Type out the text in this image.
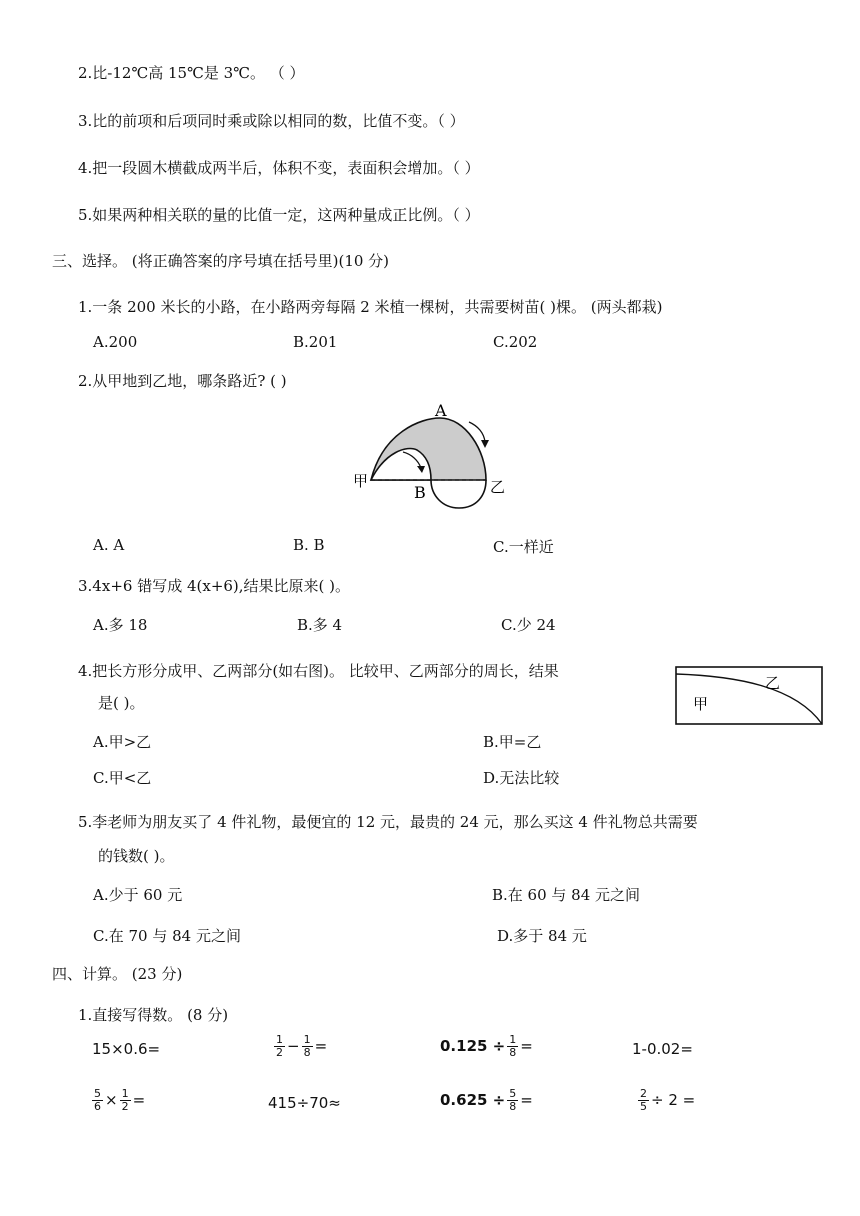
2.比-12℃高 15℃是 3℃。 （ ）
3.比的前项和后项同时乘或除以相同的数，比值不变。（ ）
4.把一段圆木横截成两半后，体积不变，表面积会增加。（ ）
5.如果两种相关联的量的比值一定，这两种量成正比例。（ ）
三、选择。 (将正确答案的序号填在括号里)(10 分)
1.一条 200 米长的小路，在小路两旁每隔 2 米植一棵树，共需要树苗( )棵。 (两头都栽)
A.200	B.201	C.202
2.从甲地到乙地，哪条路近? ( )
A
B
甲	乙
A. A	B. B	C.一样近
3.4x+6 错写成 4(x+6),结果比原来( )。
A.多 18	B.多 4	C.少 24
4.把长方形分成甲、乙两部分(如右图)。 比较甲、乙两部分的周长，结果
是( )。	甲
乙
A.甲>乙	B.甲=乙
C.甲<乙	D.无法比较
5.李老师为朋友买了 4 件礼物，最便宜的 12 元，最贵的 24 元，那么买这 4 件礼物总共需要
的钱数( )。
A.少于 60 元	B.在 60 与 84 元之间
C.在 70 与 84 元之间	D.多于 84 元
四、计算。 (23 分)
1.直接写得数。 (8 分)
15×0.6=	$\frac{1}{2} - \frac{1}{8}$ =	$0.125 \div \frac{1}{8}$ =	1-0.02=
$\frac{5}{6} \times \frac{1}{2}$ =	415÷70≈	$0.625 \div \frac{5}{8}$ =	$\frac{2}{5} \div 2$ =
